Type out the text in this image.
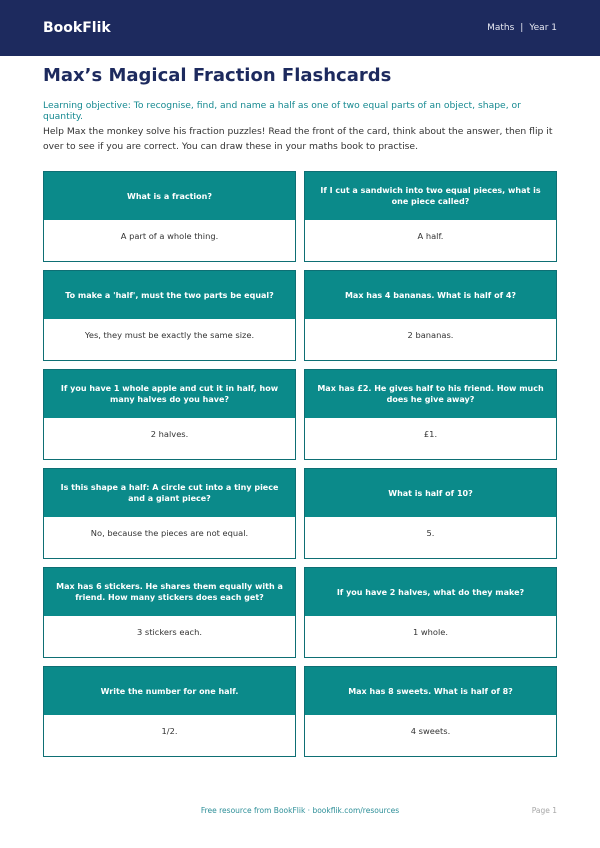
BookFlik	Maths | Year 1
Max’s Magical Fraction Flashcards

Learning objective: To recognise, find, and name a half as one of two equal parts of an object, shape, or quantity.

Help Max the monkey solve his fraction puzzles! Read the front of the card, think about the answer, then flip it over to see if you are correct. You can draw these in your maths book to practise.

What is a fraction?
A part of a whole thing.
If I cut a sandwich into two equal pieces, what is one piece called?
A half.
To make a 'half', must the two parts be equal?
Yes, they must be exactly the same size.
Max has 4 bananas. What is half of 4?
2 bananas.
If you have 1 whole apple and cut it in half, how many halves do you have?
2 halves.
Max has £2. He gives half to his friend. How much does he give away?
£1.
Is this shape a half: A circle cut into a tiny piece and a giant piece?
No, because the pieces are not equal.
What is half of 10?
5.
Max has 6 stickers. He shares them equally with a friend. How many stickers does each get?
3 stickers each.
If you have 2 halves, what do they make?
1 whole.
Write the number for one half.
1/2.
Max has 8 sweets. What is half of 8?
4 sweets.
Free resource from BookFlik · bookflik.com/resources	Page 1
